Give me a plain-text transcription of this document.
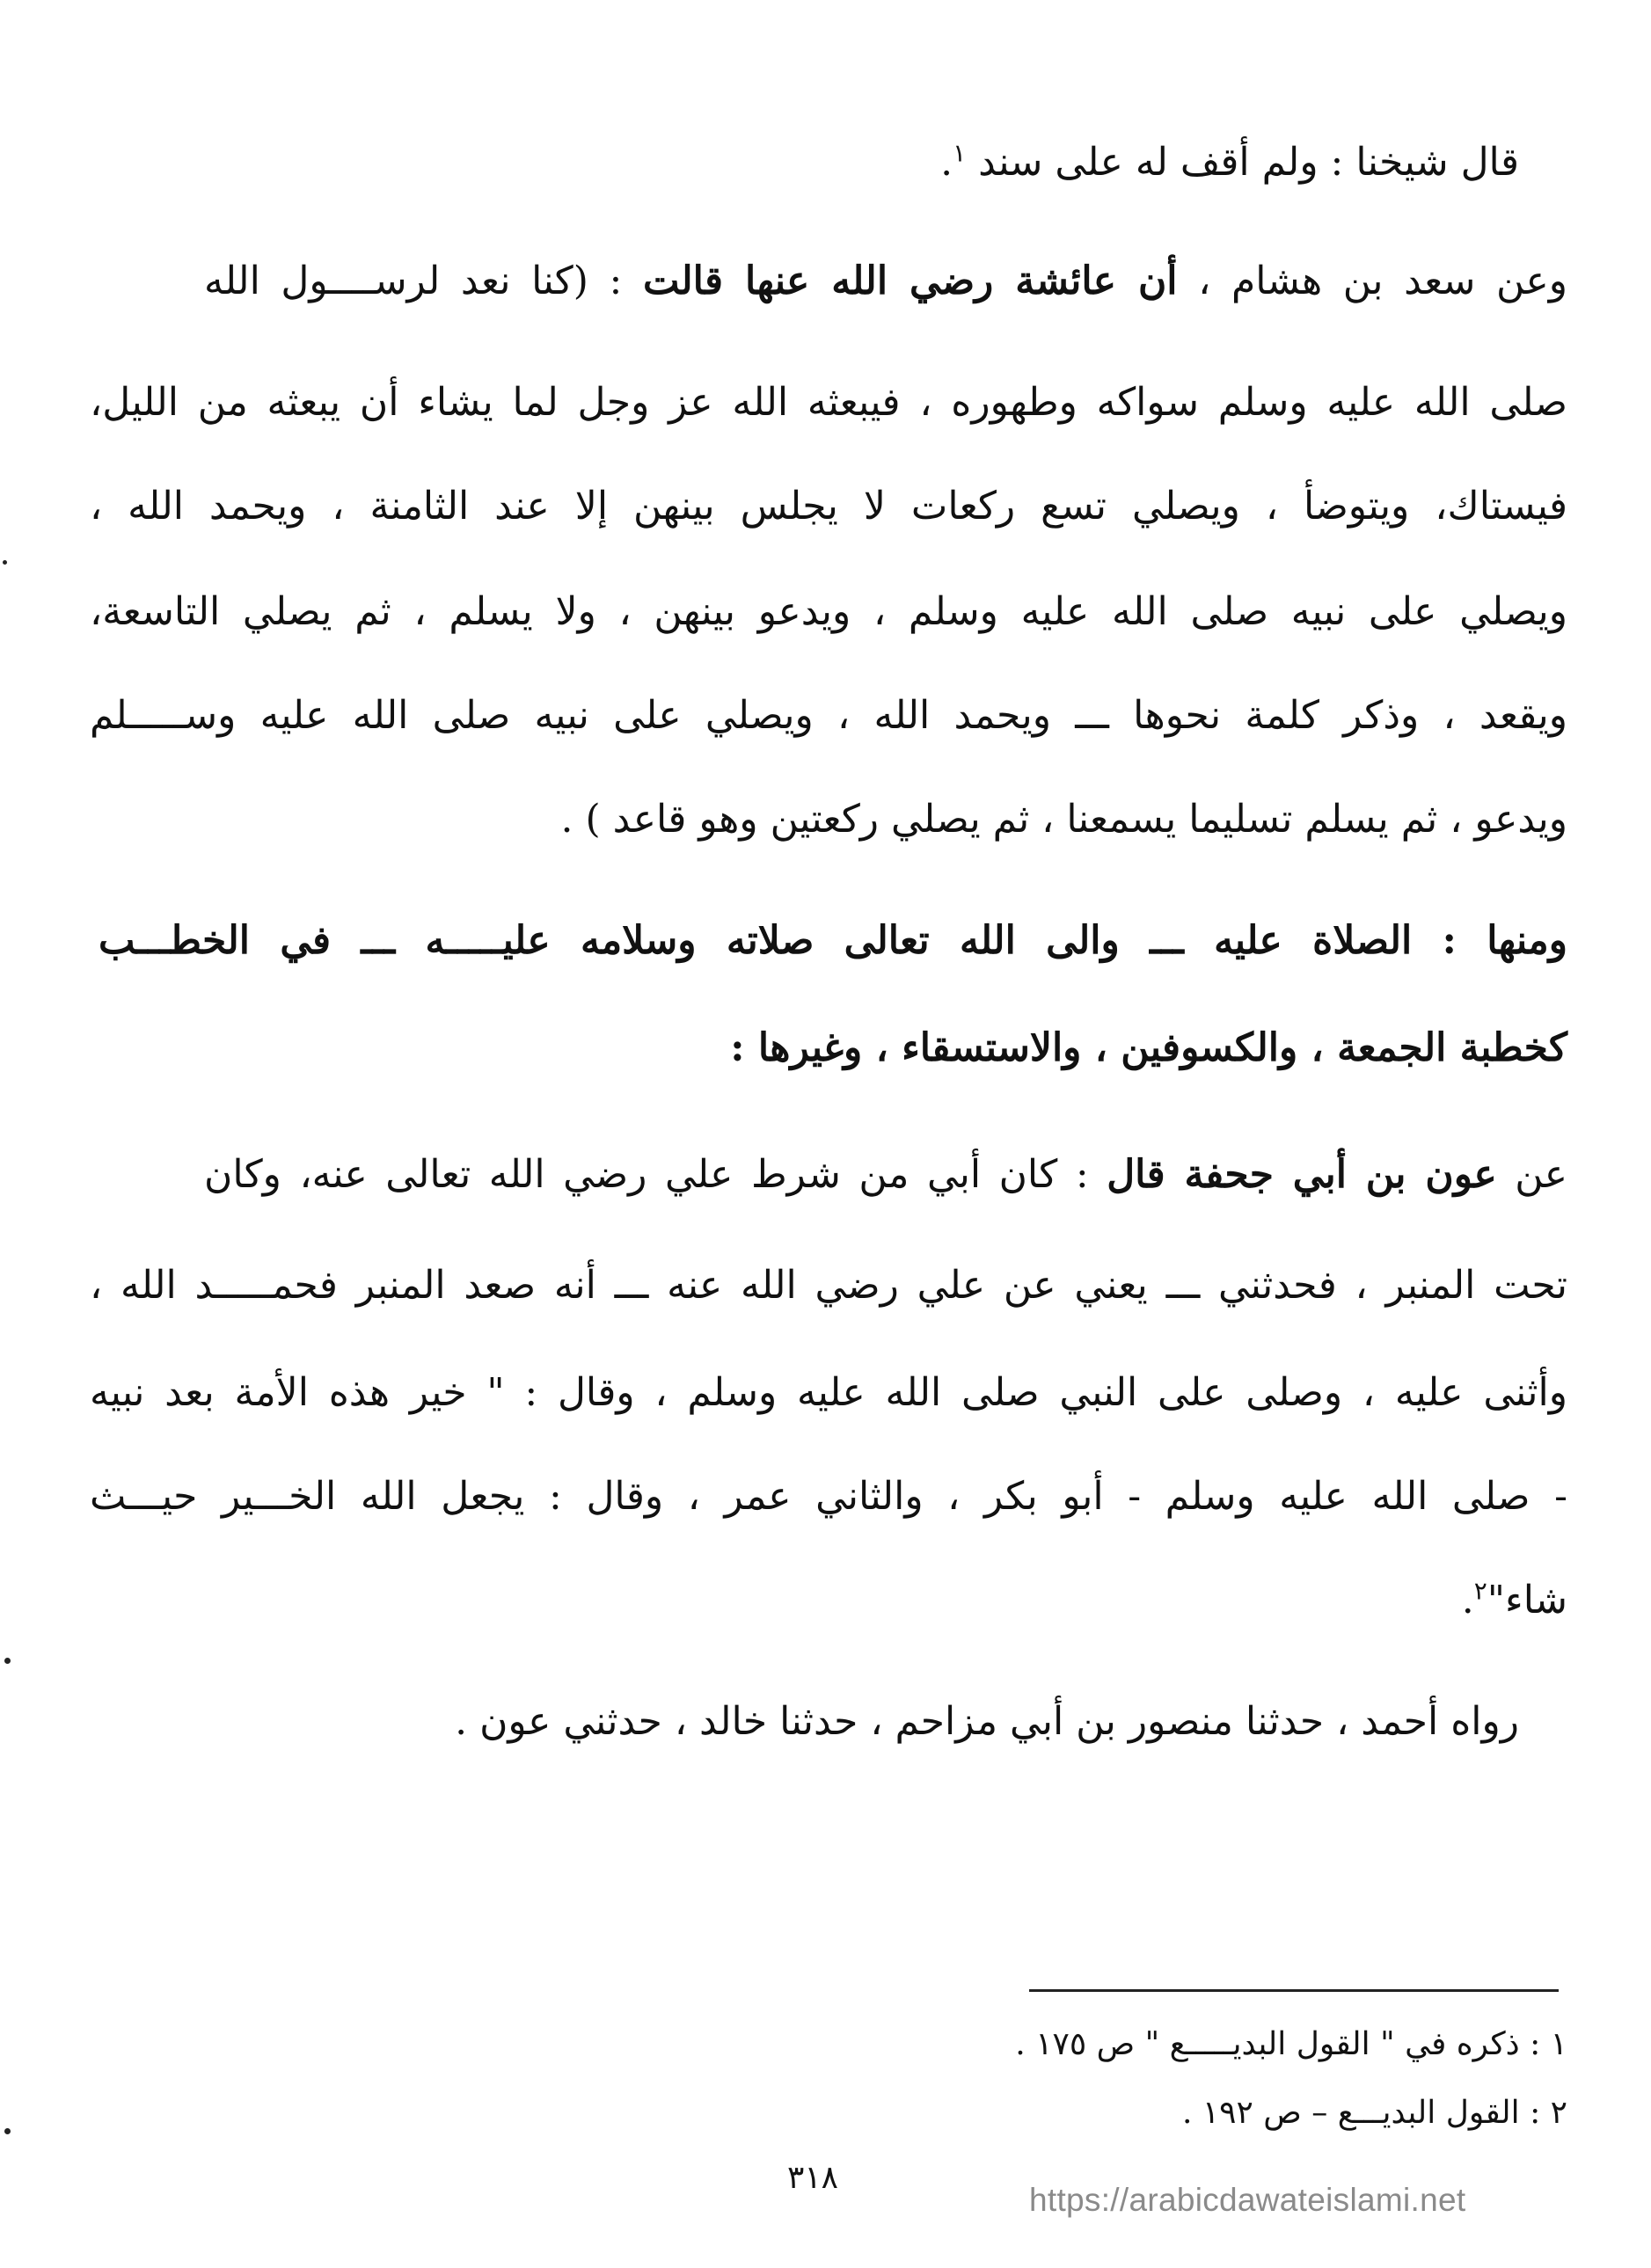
قال شيخنا : ولم أقف له على سند $^١$.
وعن سعد بن هشام ، أن عائشة رضي الله عنها قالت : (كنا نعد لرســــول الله
صلى الله عليه وسلم سواكه وطهوره ، فيبعثه الله عز وجل لما يشاء أن يبعثه من الليل،
فيستاك، ويتوضأ ، ويصلي تسع ركعات لا يجلس بينهن إلا عند الثامنة ، ويحمد الله ،
ويصلي على نبيه صلى الله عليه وسلم ، ويدعو بينهن ، ولا يسلم ، ثم يصلي التاسعة،
ويقعد ، وذكر كلمة نحوها ـــ ويحمد الله ، ويصلي على نبيه صلى الله عليه وســـــلم
ويدعو ، ثم يسلم تسليما يسمعنا ، ثم يصلي ركعتين وهو قاعد ) .
ومنها : الصلاة عليه ـــ والى الله تعالى صلاته وسلامه عليـــــه ـــ في الخطـــب
كخطبة الجمعة ، والكسوفين ، والاستسقاء ، وغيرها :
عن عون بن أبي جحفة قال : كان أبي من شرط علي رضي الله تعالى عنه، وكان
تحت المنبر ، فحدثني ـــ يعني عن علي رضي الله عنه ـــ أنه صعد المنبر فحمـــــد الله ،
وأثنى عليه ، وصلى على النبي صلى الله عليه وسلم ، وقال : " خير هذه الأمة بعد نبيه
- صلى الله عليه وسلم - أبو بكر ، والثاني عمر ، وقال : يجعل الله الخـــير حيـــث
شاء"$^٢$.
رواه أحمد ، حدثنا منصور بن أبي مزاحم ، حدثنا خالد ، حدثني عون .
١ : ذكره في " القول البديـــــع " ص ١٧٥ .
٢ : القول البديـــع – ص ١٩٢ .
٣١٨
https://arabicdawateislami.net
